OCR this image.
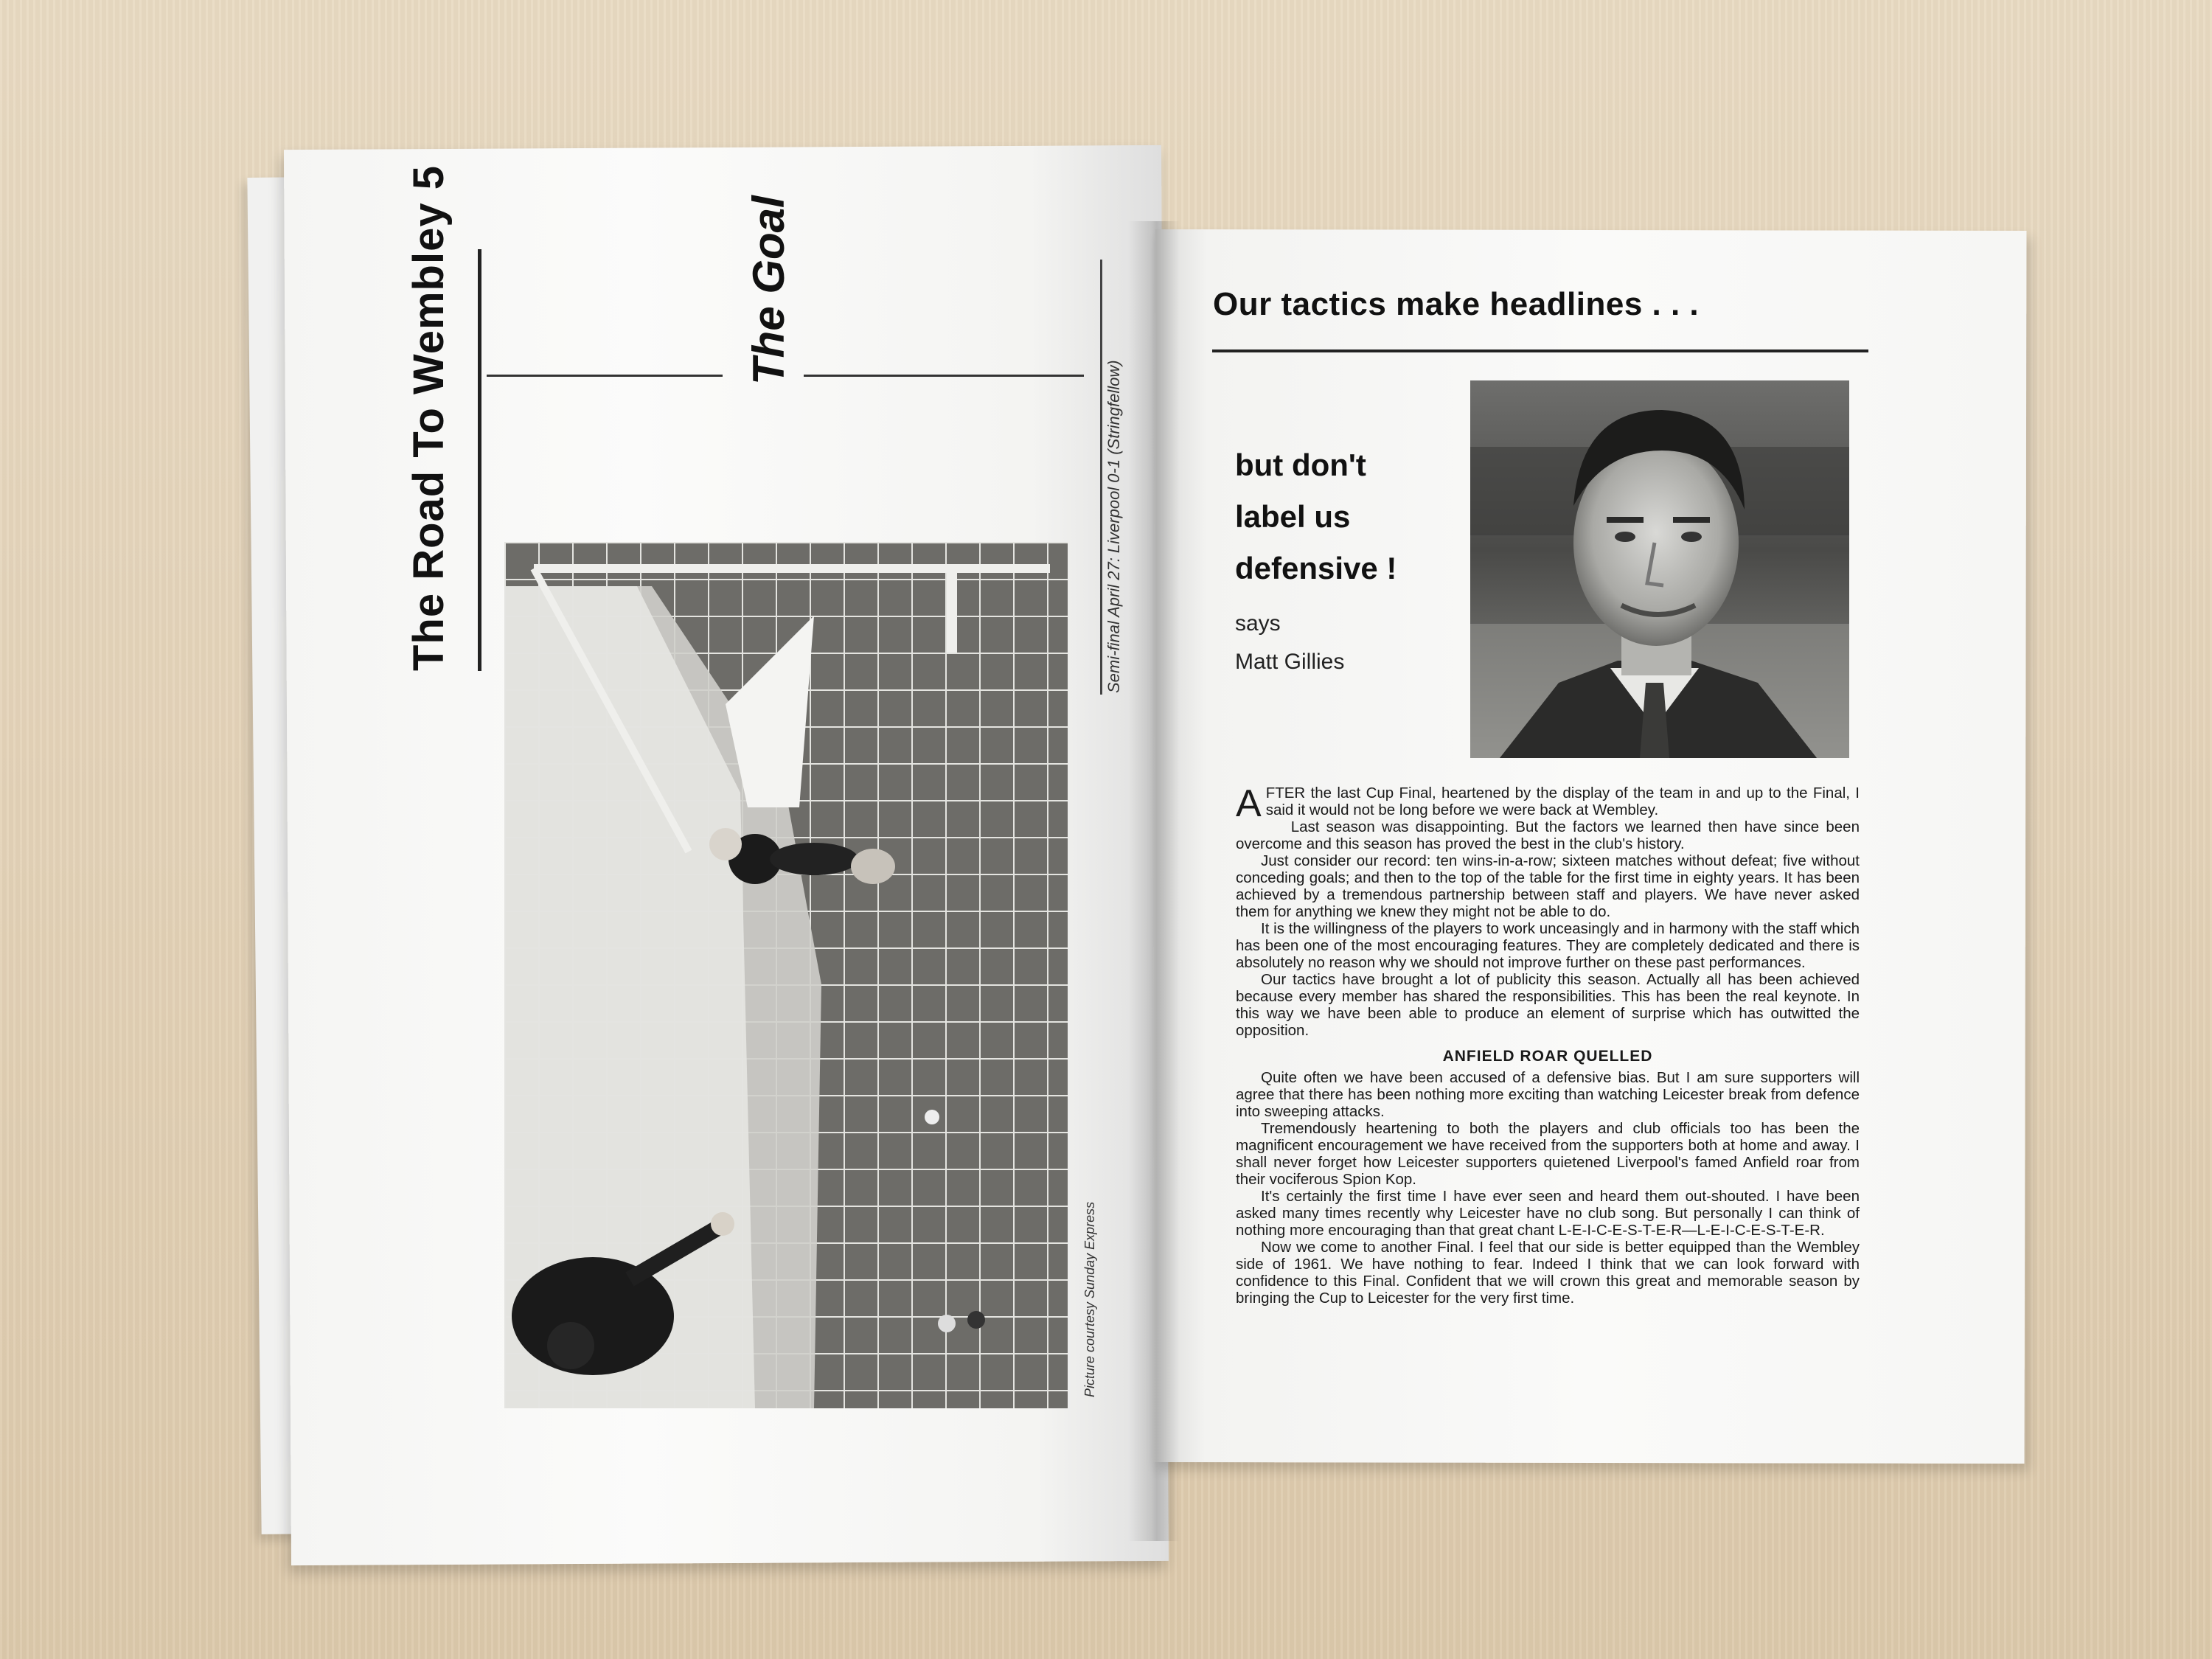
The Road To Wembley 5	The Goal
Semi-final April 27: Liverpool 0-1 (Stringfellow)
Picture courtesy Sunday Express
Our tactics make headlines . . .
but don't
label us
defensive !
says
Matt Gillies

AFTER the last Cup Final, heartened by the display of the team in and up to the Final, I said it would not be long before we were back at Wembley.

Last season was disappointing. But the factors we learned then have since been overcome and this season has proved the best in the club's history.

Just consider our record: ten wins-in-a-row; sixteen matches without defeat; five without conceding goals; and then to the top of the table for the first time in eighty years. It has been achieved by a tremendous partnership between staff and players. We have never asked them for anything we knew they might not be able to do.

It is the willingness of the players to work unceasingly and in harmony with the staff which has been one of the most encouraging features. They are completely dedicated and there is absolutely no reason why we should not improve further on these past performances.

Our tactics have brought a lot of publicity this season. Actually all has been achieved because every member has shared the responsibilities. This has been the real keynote. In this way we have been able to produce an element of surprise which has outwitted the opposition.

ANFIELD ROAR QUELLED

Quite often we have been accused of a defensive bias. But I am sure supporters will agree that there has been nothing more exciting than watching Leicester break from defence into sweeping attacks.

Tremendously heartening to both the players and club officials too has been the magnificent encouragement we have received from the supporters both at home and away. I shall never forget how Leicester supporters quietened Liverpool's famed Anfield roar from their vociferous Spion Kop.

It's certainly the first time I have ever seen and heard them out-shouted. I have been asked many times recently why Leicester have no club song. But personally I can think of nothing more encouraging than that great chant L-E-I-C-E-S-T-E-R—L-E-I-C-E-S-T-E-R.

Now we come to another Final. I feel that our side is better equipped than the Wembley side of 1961. We have nothing to fear. Indeed I think that we can look forward with confidence to this Final. Confident that we will crown this great and memorable season by bringing the Cup to Leicester for the very first time.
